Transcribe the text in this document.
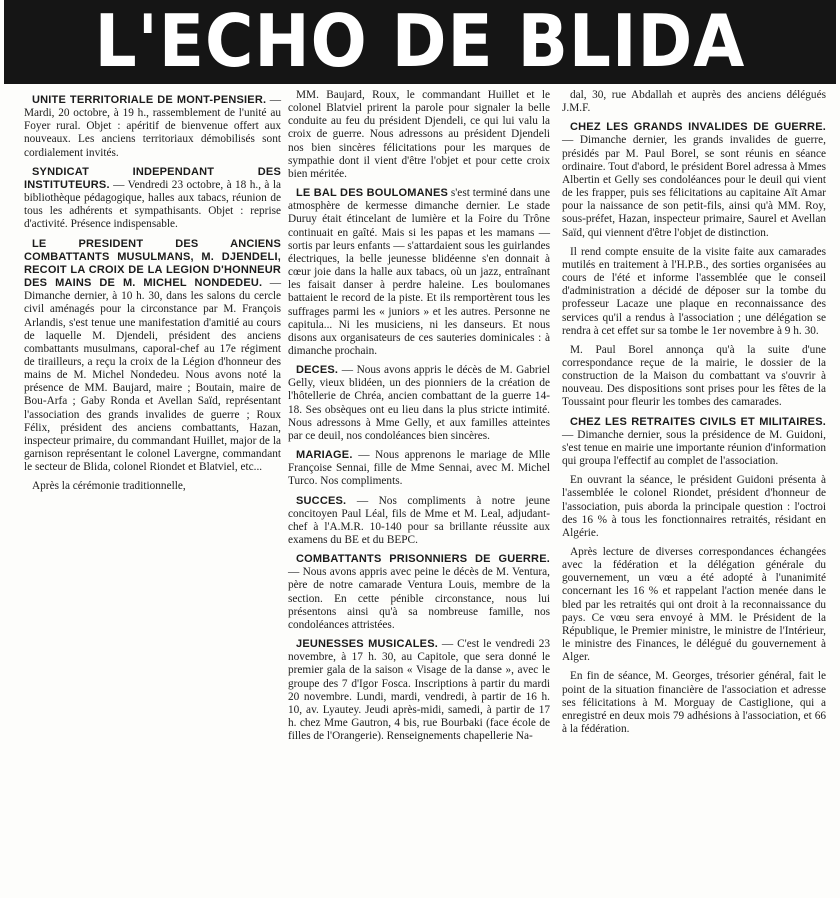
L'ECHO DE BLIDA

UNITE TERRITORIALE DE MONT-PENSIER. — Mardi, 20 octobre, à 19 h., rassemblement de l'unité au Foyer rural. Objet : apéritif de bienvenue offert aux nouveaux. Les anciens territoriaux démobilisés sont cordialement invités.

SYNDICAT INDEPENDANT DES INSTITUTEURS. — Vendredi 23 octobre, à 18 h., à la bibliothèque pédagogique, halles aux tabacs, réunion de tous les adhérents et sympathisants. Objet : reprise d'activité. Présence indispensable.

LE PRESIDENT DES ANCIENS COMBATTANTS MUSULMANS, M. DJENDELI, RECOIT LA CROIX DE LA LEGION D'HONNEUR DES MAINS DE M. MICHEL NONDEDEU. — Dimanche dernier, à 10 h. 30, dans les salons du cercle civil aménagés pour la circonstance par M. François Arlandis, s'est tenue une manifestation d'amitié au cours de laquelle M. Djendeli, président des anciens combattants musulmans, caporal-chef au 17e régiment de tirailleurs, a reçu la croix de la Légion d'honneur des mains de M. Michel Nondedeu. Nous avons noté la présence de MM. Baujard, maire ; Boutain, maire de Bou-Arfa ; Gaby Ronda et Avellan Saïd, représentant l'association des grands invalides de guerre ; Roux Félix, président des anciens combattants, Hazan, inspecteur primaire, du commandant Huillet, major de la garnison représentant le colonel Lavergne, commandant le secteur de Blida, colonel Riondet et Blatviel, etc...

Après la cérémonie traditionnelle,

MM. Baujard, Roux, le commandant Huillet et le colonel Blatviel prirent la parole pour signaler la belle conduite au feu du président Djendeli, ce qui lui valu la croix de guerre. Nous adressons au président Djendeli nos bien sincères félicitations pour les marques de sympathie dont il vient d'être l'objet et pour cette croix bien méritée.

LE BAL DES BOULOMANES s'est terminé dans une atmosphère de kermesse dimanche dernier. Le stade Duruy était étincelant de lumière et la Foire du Trône continuait en gaîté. Mais si les papas et les mamans — sortis par leurs enfants — s'attardaient sous les guirlandes électriques, la belle jeunesse blidéenne s'en donnait à cœur joie dans la halle aux tabacs, où un jazz, entraînant les faisait danser à perdre haleine. Les boulomanes battaient le record de la piste. Et ils remportèrent tous les suffrages parmi les « juniors » et les autres. Personne ne capitula... Ni les musiciens, ni les danseurs. Et nous disons aux organisateurs de ces sauteries dominicales : à dimanche prochain.

DECES. — Nous avons appris le décès de M. Gabriel Gelly, vieux blidéen, un des pionniers de la création de l'hôtellerie de Chréa, ancien combattant de la guerre 14-18. Ses obsèques ont eu lieu dans la plus stricte intimité. Nous adressons à Mme Gelly, et aux familles atteintes par ce deuil, nos condoléances bien sincères.

MARIAGE. — Nous apprenons le mariage de Mlle Françoise Sennai, fille de Mme Sennai, avec M. Michel Turco. Nos compliments.

SUCCES. — Nos compliments à notre jeune concitoyen Paul Léal, fils de Mme et M. Leal, adjudant-chef à l'A.M.R. 10-140 pour sa brillante réussite aux examens du BE et du BEPC.

COMBATTANTS PRISONNIERS DE GUERRE. — Nous avons appris avec peine le décès de M. Ventura, père de notre camarade Ventura Louis, membre de la section. En cette pénible circonstance, nous lui présentons ainsi qu'à sa nombreuse famille, nos condoléances attristées.

JEUNESSES MUSICALES. — C'est le vendredi 23 novembre, à 17 h. 30, au Capitole, que sera donné le premier gala de la saison « Visage de la danse », avec le groupe des 7 d'Igor Fosca. Inscriptions à partir du mardi 20 novembre. Lundi, mardi, vendredi, à partir de 16 h. 10, av. Lyautey. Jeudi après-midi, samedi, à partir de 17 h. chez Mme Gautron, 4 bis, rue Bourbaki (face école de filles de l'Orangerie). Renseignements chapellerie Na-

dal, 30, rue Abdallah et auprès des anciens délégués J.M.F.

CHEZ LES GRANDS INVALIDES DE GUERRE. — Dimanche dernier, les grands invalides de guerre, présidés par M. Paul Borel, se sont réunis en séance ordinaire. Tout d'abord, le président Borel adressa à Mmes Albertin et Gelly ses condoléances pour le deuil qui vient de les frapper, puis ses félicitations au capitaine Aït Amar pour la naissance de son petit-fils, ainsi qu'à MM. Roy, sous-préfet, Hazan, inspecteur primaire, Saurel et Avellan Saïd, qui viennent d'être l'objet de distinction.

Il rend compte ensuite de la visite faite aux camarades mutilés en traitement à l'H.P.B., des sorties organisées au cours de l'été et informe l'assemblée que le conseil d'administration a décidé de déposer sur la tombe du professeur Lacaze une plaque en reconnaissance des services qu'il a rendus à l'association ; une délégation se rendra à cet effet sur sa tombe le 1er novembre à 9 h. 30.

M. Paul Borel annonça qu'à la suite d'une correspondance reçue de la mairie, le dossier de la construction de la Maison du combattant va s'ouvrir à nouveau. Des dispositions sont prises pour les fêtes de la Toussaint pour fleurir les tombes des camarades.

CHEZ LES RETRAITES CIVILS ET MILITAIRES. — Dimanche dernier, sous la présidence de M. Guidoni, s'est tenue en mairie une importante réunion d'information qui groupa l'effectif au complet de l'association.

En ouvrant la séance, le président Guidoni présenta à l'assemblée le colonel Riondet, président d'honneur de l'association, puis aborda la principale question : l'octroi des 16 % à tous les fonctionnaires retraités, résidant en Algérie.

Après lecture de diverses correspondances échangées avec la fédération et la délégation générale du gouvernement, un vœu a été adopté à l'unanimité concernant les 16 % et rappelant l'action menée dans le bled par les retraités qui ont droit à la reconnaissance du pays. Ce vœu sera envoyé à MM. le Président de la République, le Premier ministre, le ministre de l'Intérieur, le ministre des Finances, le délégué du gouvernement à Alger.

En fin de séance, M. Georges, trésorier général, fait le point de la situation financière de l'association et adresse ses félicitations à M. Morguay de Castiglione, qui a enregistré en deux mois 79 adhésions à l'association, et 66 à la fédération.
